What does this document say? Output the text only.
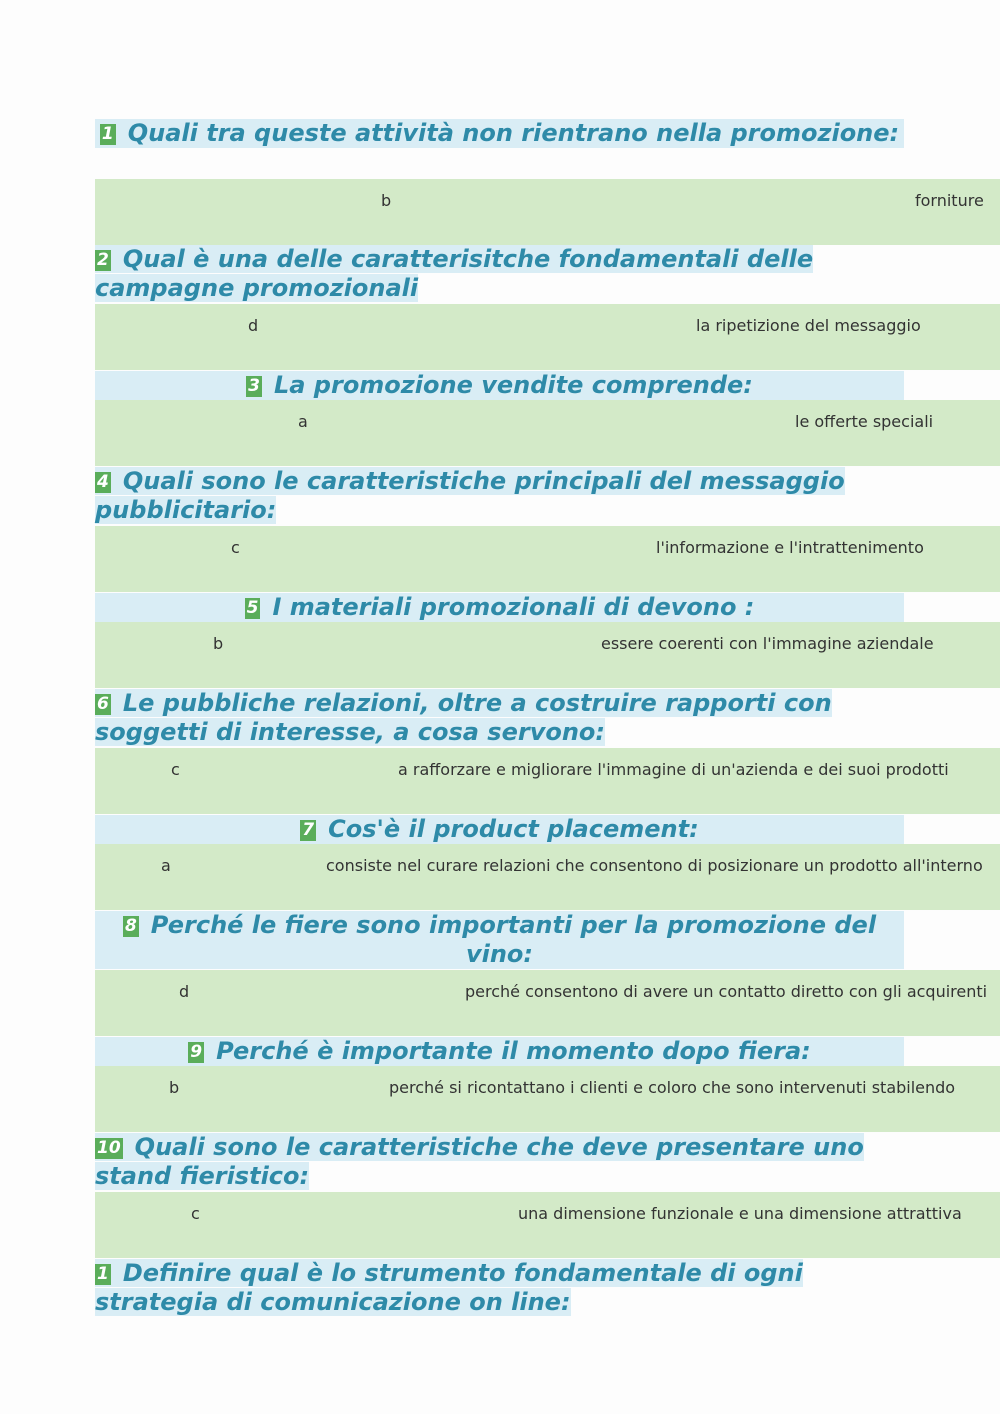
1 Quali tra queste attività non rientrano nella promozione:
b	forniture
2 Qual è una delle caratterisitche fondamentali delle campagne promozionali
d	la ripetizione del messaggio
3 La promozione vendite comprende:
a	le offerte speciali
4 Quali sono le caratteristiche principali del messaggio pubblicitario:
c	l'informazione e l'intrattenimento
5 I materiali promozionali di devono :
b	essere coerenti con l'immagine aziendale
6 Le pubbliche relazioni, oltre a costruire rapporti con soggetti di interesse, a cosa servono:
c	a rafforzare e migliorare l'immagine di un'azienda e dei suoi prodotti
7 Cos'è il product placement:
a	consiste nel curare relazioni che consentono di posizionare un prodotto all'interno
8 Perché le fiere sono importanti per la promozione del vino:
d	perché consentono di avere un contatto diretto con gli acquirenti
9 Perché è importante il momento dopo fiera:
b	perché si ricontattano i clienti e coloro che sono intervenuti stabilendo
10 Quali sono le caratteristiche che deve presentare uno stand fieristico:
c	una dimensione funzionale e una dimensione attrattiva
1 Definire qual è lo strumento fondamentale di ogni strategia di comunicazione on line:
